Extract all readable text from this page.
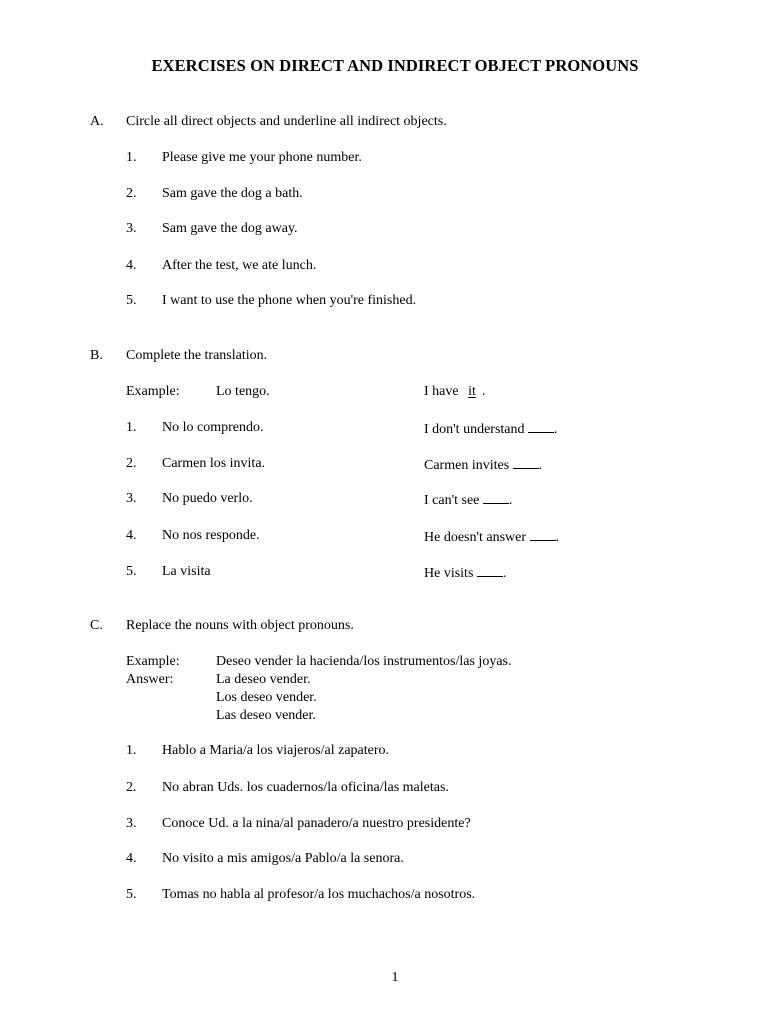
EXERCISES ON DIRECT AND INDIRECT OBJECT PRONOUNS
A. Circle all direct objects and underline all indirect objects.
1. Please give me your phone number.
2. Sam gave the dog a bath.
3. Sam gave the dog away.
4. After the test, we ate lunch.
5. I want to use the phone when you're finished.
B. Complete the translation.
Example:	Lo tengo.	I have it .
1. No lo comprendo.	I don't understand .
2. Carmen los invita.	Carmen invites .
3. No puedo verlo.	I can't see .
4. No nos responde.	He doesn't answer .
5. La visita	He visits .
C. Replace the nouns with object pronouns.
Example:	Deseo vender la hacienda/los instrumentos/las joyas.
Answer:	La deseo vender.
Los deseo vender.
Las deseo vender.
1. Hablo a Maria/a los viajeros/al zapatero.
2. No abran Uds. los cuadernos/la oficina/las maletas.
3. Conoce Ud. a la nina/al panadero/a nuestro presidente?
4. No visito a mis amigos/a Pablo/a la senora.
5. Tomas no habla al profesor/a los muchachos/a nosotros.
1
